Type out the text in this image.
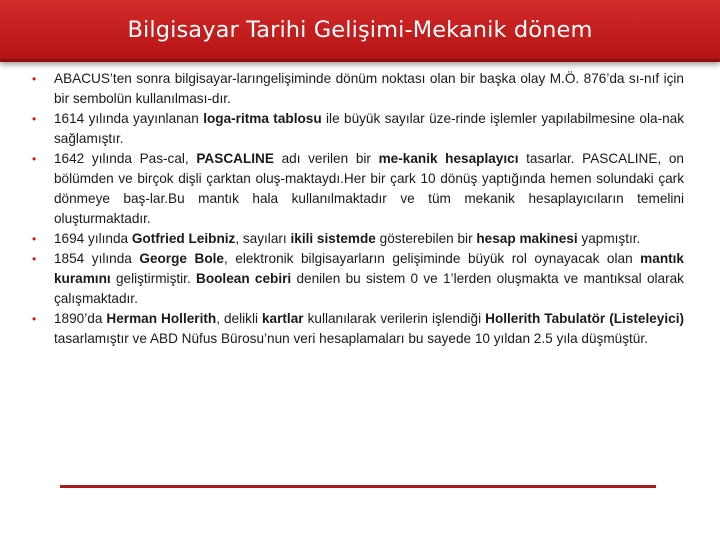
Bilgisayar Tarihi Gelişimi-Mekanik dönem
• ABACUS’ten sonra bilgisayar-larıngelişiminde dönüm noktası olan bir başka olay M.Ö. 876’da sı-nıf için bir sembolün kullanılması-dır.
• 1614 yılında yayınlanan loga-ritma tablosu ile büyük sayılar üze-rinde işlemler yapılabilmesine ola-nak sağlamıştır.
• 1642 yılında Pas-cal, PASCALINE adı verilen bir me-kanik hesaplayıcı tasarlar. PASCALINE, on bölümden ve birçok dişli çarktan oluş-maktaydı.Her bir çark 10 dönüş yaptığında hemen solundaki çark dönmeye baş-lar.Bu mantık hala kullanılmaktadır ve tüm mekanik hesaplayıcıların temelini oluşturmaktadır.
• 1694 yılında Gotfried Leibniz, sayıları ikili sistemde gösterebilen bir hesap makinesi yapmıştır.
• 1854 yılında George Bole, elektronik bilgisayarların gelişiminde büyük rol oynayacak olan mantık kuramını geliştirmiştir. Boolean cebiri denilen bu sistem 0 ve 1’lerden oluşmakta ve mantıksal olarak çalışmaktadır.
• 1890’da Herman Hollerith, delikli kartlar kullanılarak verilerin işlendiği Hollerith Tabulatör (Listeleyici) tasarlamıştır ve ABD Nüfus Bürosu’nun veri hesaplamaları bu sayede 10 yıldan 2.5 yıla düşmüştür.
